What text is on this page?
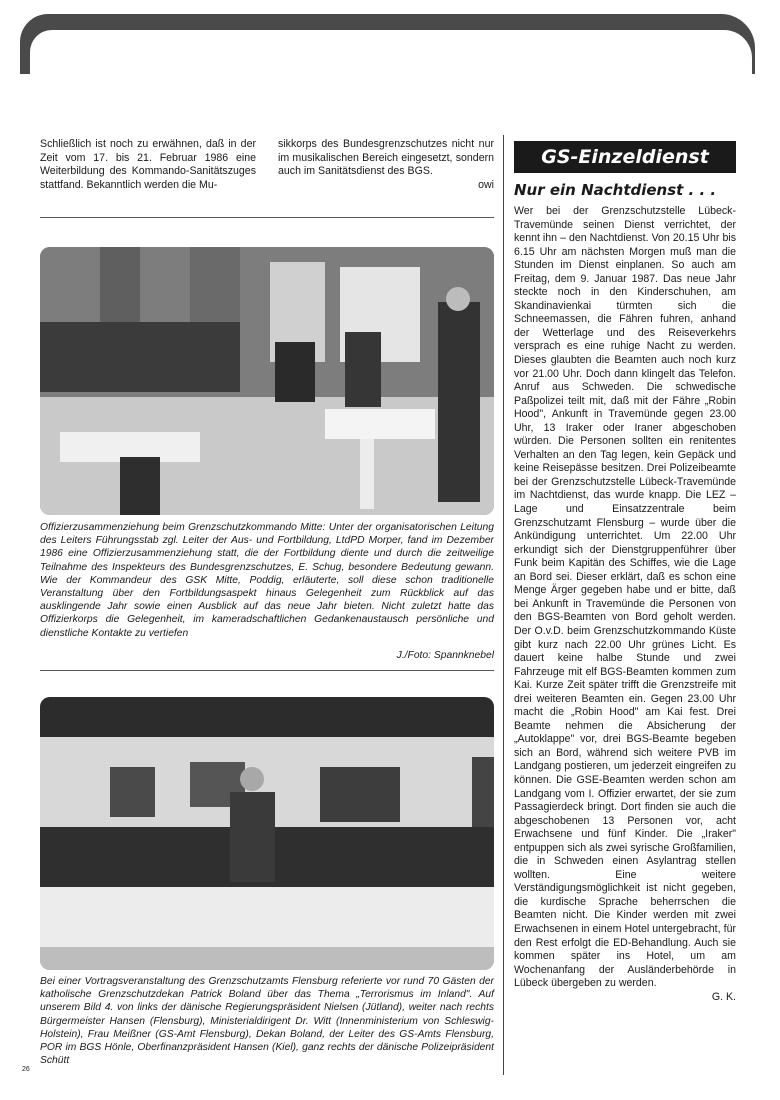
Schließlich ist noch zu erwähnen, daß in der Zeit vom 17. bis 21. Februar 1986 eine Weiterbildung des Kommando-Sanitätszuges stattfand. Bekanntlich werden die Mu-
sikkorps des Bundesgrenzschutzes nicht nur im musikalischen Bereich eingesetzt, sondern auch im Sanitätsdienst des BGS.
owi
Offizierzusammenziehung beim Grenzschutzkommando Mitte: Unter der organisatorischen Leitung des Leiters Führungsstab zgl. Leiter der Aus- und Fortbildung, LtdPD Morper, fand im Dezember 1986 eine Offizierzusammenziehung statt, die der Fortbildung diente und durch die zeitweilige Teilnahme des Inspekteurs des Bundesgrenzschutzes, E. Schug, besondere Bedeutung gewann. Wie der Kommandeur des GSK Mitte, Poddig, erläuterte, soll diese schon traditionelle Veranstaltung über den Fortbildungsaspekt hinaus Gelegenheit zum Rückblick auf das ausklingende Jahr sowie einen Ausblick auf das neue Jahr bieten. Nicht zuletzt hatte das Offizierkorps die Gelegenheit, im kameradschaftlichen Gedankenaustausch persönliche und dienstliche Kontakte zu vertiefen
J./Foto: Spannknebel
Bei einer Vortragsveranstaltung des Grenzschutzamts Flensburg referierte vor rund 70 Gästen der katholische Grenzschutzdekan Patrick Boland über das Thema „Terrorismus im Inland". Auf unserem Bild 4. von links der dänische Regierungspräsident Nielsen (Jütland), weiter nach rechts Bürgermeister Hansen (Flensburg), Ministerialdirigent Dr. Witt (Innenministerium von Schleswig-Holstein), Frau Meißner (GS-Amt Flensburg), Dekan Boland, der Leiter des GS-Amts Flensburg, POR im BGS Hönle, Oberfinanzpräsident Hansen (Kiel), ganz rechts der dänische Polizeipräsident Schütt
26
GS-Einzeldienst
Nur ein Nachtdienst . . .
Wer bei der Grenzschutzstelle Lübeck-Travemünde seinen Dienst verrichtet, der kennt ihn – den Nachtdienst. Von 20.15 Uhr bis 6.15 Uhr am nächsten Morgen muß man die Stunden im Dienst einplanen. So auch am Freitag, dem 9. Januar 1987. Das neue Jahr steckte noch in den Kinderschuhen, am Skandinavienkai türmten sich die Schneemassen, die Fähren fuhren, anhand der Wetterlage und des Reiseverkehrs versprach es eine ruhige Nacht zu werden. Dieses glaubten die Beamten auch noch kurz vor 21.00 Uhr. Doch dann klingelt das Telefon. Anruf aus Schweden. Die schwedische Paßpolizei teilt mit, daß mit der Fähre „Robin Hood", Ankunft in Travemünde gegen 23.00 Uhr, 13 Iraker oder Iraner abgeschoben würden. Die Personen sollten ein renitentes Verhalten an den Tag legen, kein Gepäck und keine Reisepässe besitzen. Drei Polizeibeamte bei der Grenzschutzstelle Lübeck-Travemünde im Nachtdienst, das wurde knapp. Die LEZ – Lage und Einsatzzentrale beim Grenzschutzamt Flensburg – wurde über die Ankündigung unterrichtet. Um 22.00 Uhr erkundigt sich der Dienstgruppenführer über Funk beim Kapitän des Schiffes, wie die Lage an Bord sei. Dieser erklärt, daß es schon eine Menge Ärger gegeben habe und er bitte, daß bei Ankunft in Travemünde die Personen von den BGS-Beamten von Bord geholt werden. Der O.v.D. beim Grenzschutzkommando Küste gibt kurz nach 22.00 Uhr grünes Licht. Es dauert keine halbe Stunde und zwei Fahrzeuge mit elf BGS-Beamten kommen zum Kai. Kurze Zeit später trifft die Grenzstreife mit drei weiteren Beamten ein. Gegen 23.00 Uhr macht die „Robin Hood" am Kai fest. Drei Beamte nehmen die Absicherung der „Autoklappe" vor, drei BGS-Beamte begeben sich an Bord, während sich weitere PVB im Landgang postieren, um jederzeit eingreifen zu können. Die GSE-Beamten werden schon am Landgang vom I. Offizier erwartet, der sie zum Passagierdeck bringt. Dort finden sie auch die abgeschobenen 13 Personen vor, acht Erwachsene und fünf Kinder. Die „Iraker" entpuppen sich als zwei syrische Großfamilien, die in Schweden einen Asylantrag stellen wollten. Eine weitere Verständigungsmöglichkeit ist nicht gegeben, die kurdische Sprache beherrschen die Beamten nicht. Die Kinder werden mit zwei Erwachsenen in einem Hotel untergebracht, für den Rest erfolgt die ED-Behandlung. Auch sie kommen später ins Hotel, um am Wochenanfang der Ausländerbehörde in Lübeck übergeben zu werden.
G. K.
